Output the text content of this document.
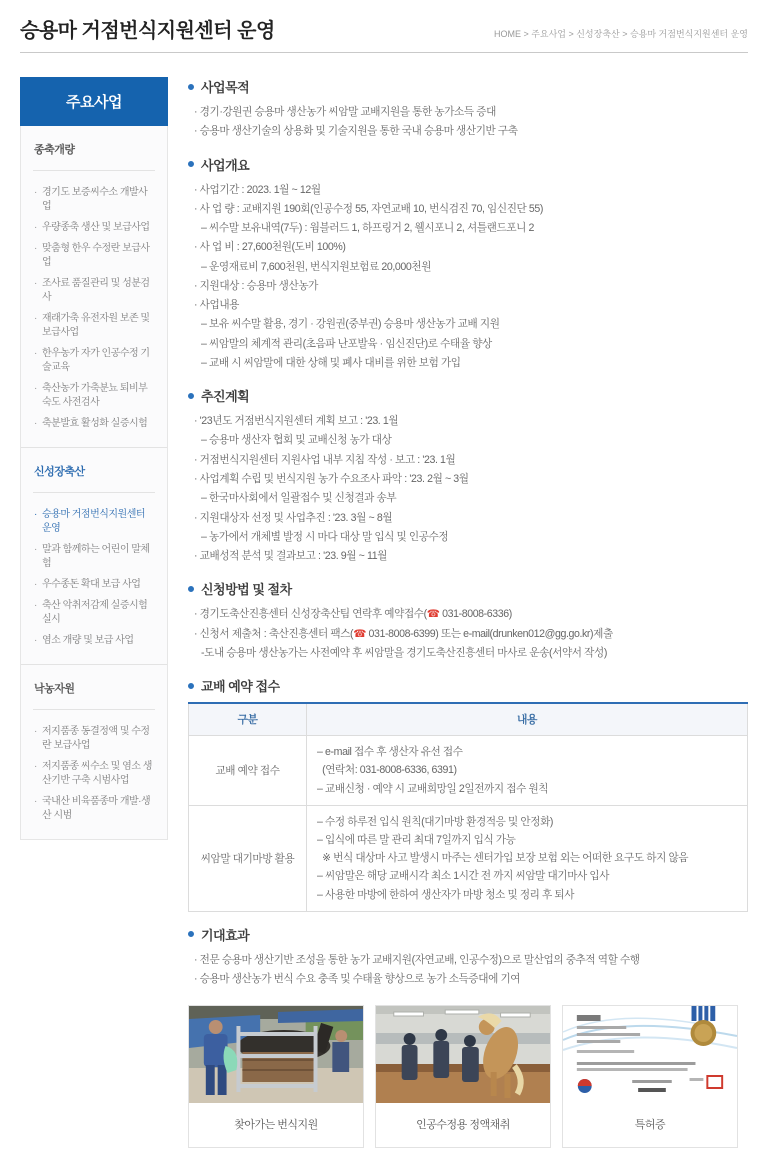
승용마 거점번식지원센터 운영	HOME > 주요사업 > 신성장축산 > 승용마 거점번식지원센터 운영
주요사업
종축개량
· 경기도 보증씨수소 개발사업
· 우량종축 생산 및 보급사업
· 맞춤형 한우 수정란 보급사업
· 조사료 품질관리 및 성분검사
· 재래가축 유전자원 보존 및 보급사업
· 한우농가 자가 인공수정 기술교육
· 축산농가 가축분뇨 퇴비부숙도 사전검사
· 축분발효 활성화 실증시험
신성장축산
· 승용마 거점번식지원센터 운영
· 말과 함께하는 어린이 말체험
· 우수종돈 확대 보급 사업
· 축산 악취저감제 실증시험 실시
· 염소 개량 및 보급 사업
낙농자원
· 저지품종 동결정액 및 수정란 보급사업
· 저지품종 씨수소 및 염소 생산기반 구축 시범사업
· 국내산 비육품종마 개발·생산 시범
사업목적
· 경기·강원권 승용마 생산농가 씨암말 교배지원을 통한 농가소득 증대
· 승용마 생산기술의 상용화 및 기술지원을 통한 국내 승용마 생산기반 구축
사업개요
· 사업기간 : 2023. 1월 ~ 12월
· 사 업 량 : 교배지원 190회(인공수정 55, 자연교배 10, 번식검진 70, 임신진단 55)
– 씨수말 보유내역(7두) : 웜블러드 1, 하프링거 2, 웰시포니 2, 셔틀랜드포니 2
· 사 업 비 : 27,600천원(도비 100%)
– 운영재료비 7,600천원, 번식지원보험료 20,000천원
· 지원대상 : 승용마 생산농가
· 사업내용
– 보유 씨수말 활용, 경기 · 강원권(중부권) 승용마 생산농가 교배 지원
– 씨암말의 체계적 관리(초음파 난포발육 · 임신진단)로 수태율 향상
– 교배 시 씨암말에 대한 상해 및 폐사 대비를 위한 보험 가입
추진계획
· '23년도 거점번식지원센터 계획 보고 : '23. 1월
– 승용마 생산자 협회 및 교배신청 농가 대상
· 거점번식지원센터 지원사업 내부 지침 작성 · 보고 : '23. 1월
· 사업계획 수립 및 번식지원 농가 수요조사 파악 : '23. 2월 ~ 3월
– 한국마사회에서 일괄접수 및 신청결과 송부
· 지원대상자 선정 및 사업추진 : '23. 3월 ~ 8월
– 농가에서 개체별 발정 시 마다 대상 말 입식 및 인공수정
· 교배성적 분석 및 결과보고 : '23. 9월 ~ 11월
신청방법 및 절차
· 경기도축산진흥센터 신성장축산팀 연락후 예약접수(☎ 031-8008-6336)
· 신청서 제출처 : 축산진흥센터 팩스(☎ 031-8008-6399) 또는 e-mail(drunken012@gg.go.kr)제출
-도내 승용마 생산농가는 사전예약 후 씨암말을 경기도축산진흥센터 마사로 운송(서약서 작성)
교배 예약 접수
구분	내용
교배 예약 접수	– e-mail 접수 후 생산자 유선 접수
(연락처: 031-8008-6336, 6391)
– 교배신청 · 예약 시 교배희망일 2일전까지 접수 원칙

씨암말 대기마방 활용	– 수정 하루전 입식 원칙(대기마방 환경적응 및 안정화)
– 입식에 따른 말 관리 최대 7일까지 입식 가능
※ 번식 대상마 사고 발생시 마주는 센터가입 보장 보험 외는 어떠한 요구도 하지 않음
– 씨암말은 해당 교배시각 최소 1시간 전 까지 씨암말 대기마사 입사
– 사용한 마방에 한하여 생산자가 마방 청소 및 정리 후 퇴사
기대효과
· 전문 승용마 생산기반 조성을 통한 농가 교배지원(자연교배, 인공수정)으로 말산업의 중추적 역할 수행
· 승용마 생산농가 번식 수요 충족 및 수태율 향상으로 농가 소득증대에 기여
찾아가는 번식지원	인공수정용 정액채취	특허증
